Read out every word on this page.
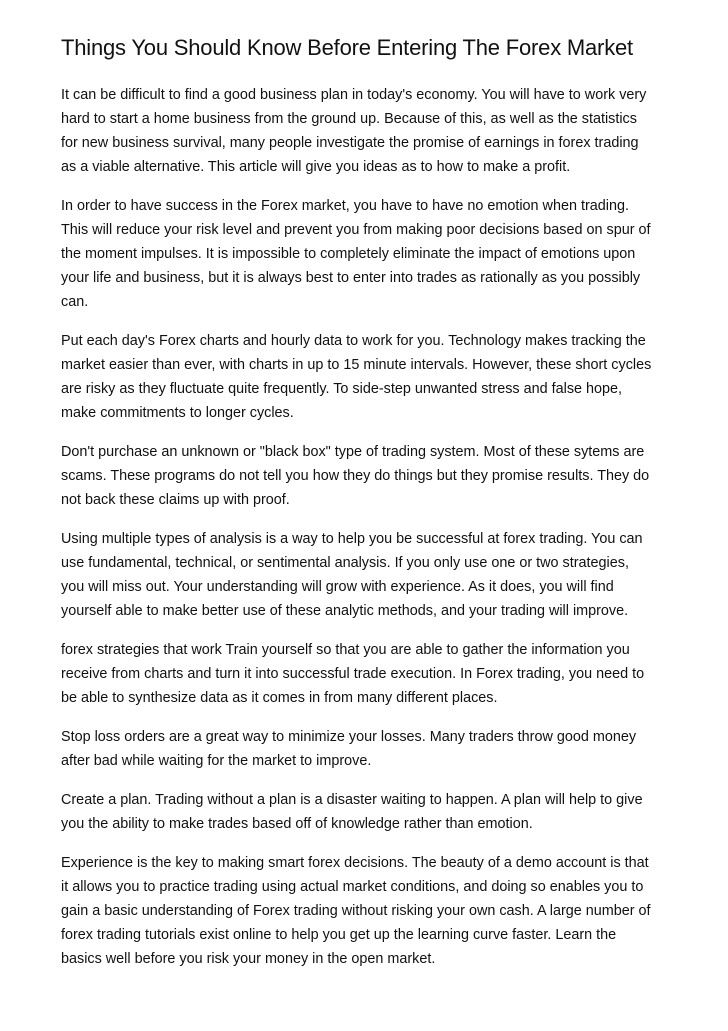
Things You Should Know Before Entering The Forex Market

It can be difficult to find a good business plan in today's economy. You will have to work very
hard to start a home business from the ground up. Because of this, as well as the statistics
for new business survival, many people investigate the promise of earnings in forex trading
as a viable alternative. This article will give you ideas as to how to make a profit.

In order to have success in the Forex market, you have to have no emotion when trading.
This will reduce your risk level and prevent you from making poor decisions based on spur of
the moment impulses. It is impossible to completely eliminate the impact of emotions upon
your life and business, but it is always best to enter into trades as rationally as you possibly
can.

Put each day's Forex charts and hourly data to work for you. Technology makes tracking the
market easier than ever, with charts in up to 15 minute intervals. However, these short cycles
are risky as they fluctuate quite frequently. To side-step unwanted stress and false hope,
make commitments to longer cycles.

Don't purchase an unknown or "black box" type of trading system. Most of these sytems are
scams. These programs do not tell you how they do things but they promise results. They do
not back these claims up with proof.

Using multiple types of analysis is a way to help you be successful at forex trading. You can
use fundamental, technical, or sentimental analysis. If you only use one or two strategies,
you will miss out. Your understanding will grow with experience. As it does, you will find
yourself able to make better use of these analytic methods, and your trading will improve.

forex strategies that work Train yourself so that you are able to gather the information you
receive from charts and turn it into successful trade execution. In Forex trading, you need to
be able to synthesize data as it comes in from many different places.

Stop loss orders are a great way to minimize your losses. Many traders throw good money
after bad while waiting for the market to improve.

Create a plan. Trading without a plan is a disaster waiting to happen. A plan will help to give
you the ability to make trades based off of knowledge rather than emotion.

Experience is the key to making smart forex decisions. The beauty of a demo account is that
it allows you to practice trading using actual market conditions, and doing so enables you to
gain a basic understanding of Forex trading without risking your own cash. A large number of
forex trading tutorials exist online to help you get up the learning curve faster. Learn the
basics well before you risk your money in the open market.
